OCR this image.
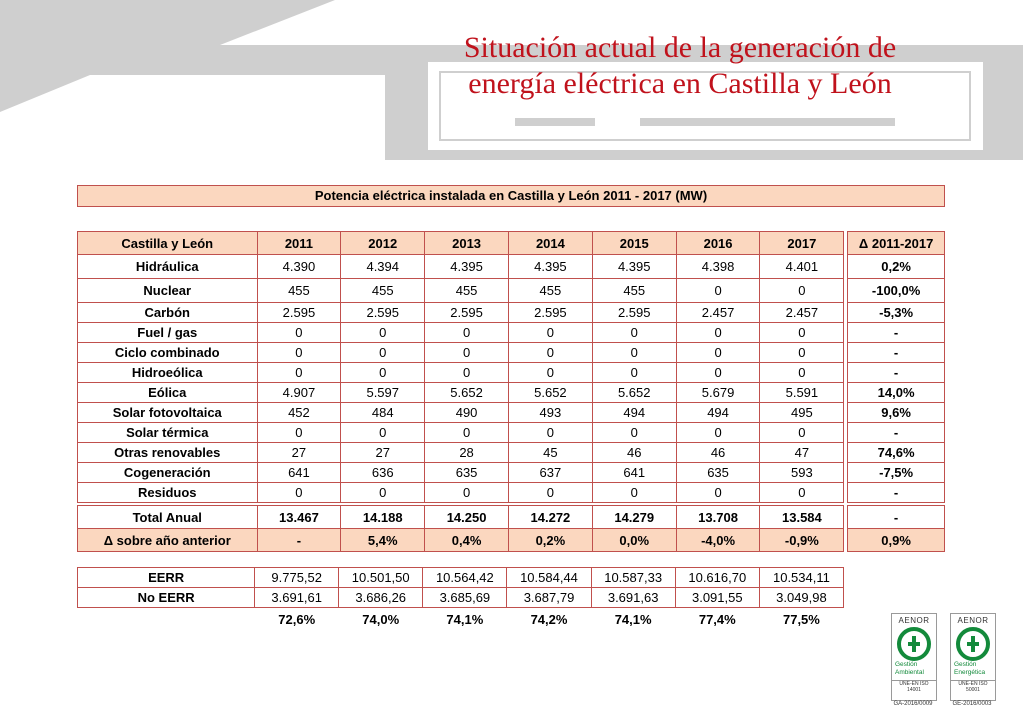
Situación actual de la generación de
energía eléctrica en Castilla y León
Potencia eléctrica instalada en Castilla y León 2011 - 2017 (MW)
Castilla y León	2011	2012	2013	2014	2015	2016	2017		Δ 2011-2017
Hidráulica	4.390	4.394	4.395	4.395	4.395	4.398	4.401		0,2%
Nuclear	455	455	455	455	455	0	0		-100,0%
Carbón	2.595	2.595	2.595	2.595	2.595	2.457	2.457		-5,3%
Fuel / gas	0	0	0	0	0	0	0		-
Ciclo combinado	0	0	0	0	0	0	0		-
Hidroeólica	0	0	0	0	0	0	0		-
Eólica	4.907	5.597	5.652	5.652	5.652	5.679	5.591		14,0%
Solar fotovoltaica	452	484	490	493	494	494	495		9,6%
Solar térmica	0	0	0	0	0	0	0		-
Otras renovables	27	27	28	45	46	46	47		74,6%
Cogeneración	641	636	635	637	641	635	593		-7,5%
Residuos	0	0	0	0	0	0	0		-

Total Anual	13.467	14.188	14.250	14.272	14.279	13.708	13.584		-
Δ sobre año anterior	-	5,4%	0,4%	0,2%	0,0%	-4,0%	-0,9%		0,9%
EERR	9.775,52	10.501,50	10.564,42	10.584,44	10.587,33	10.616,70	10.534,11
No EERR	3.691,61	3.686,26	3.685,69	3.687,79	3.691,63	3.091,55	3.049,98
	72,6%	74,0%	74,1%	74,2%	74,1%	77,4%	77,5%	AENOR
Gestión
Ambiental
UNE-EN ISO 14001
GA-2016/0009
AENOR
Gestión
Energética
UNE-EN ISO 50001
GE-2016/0003
